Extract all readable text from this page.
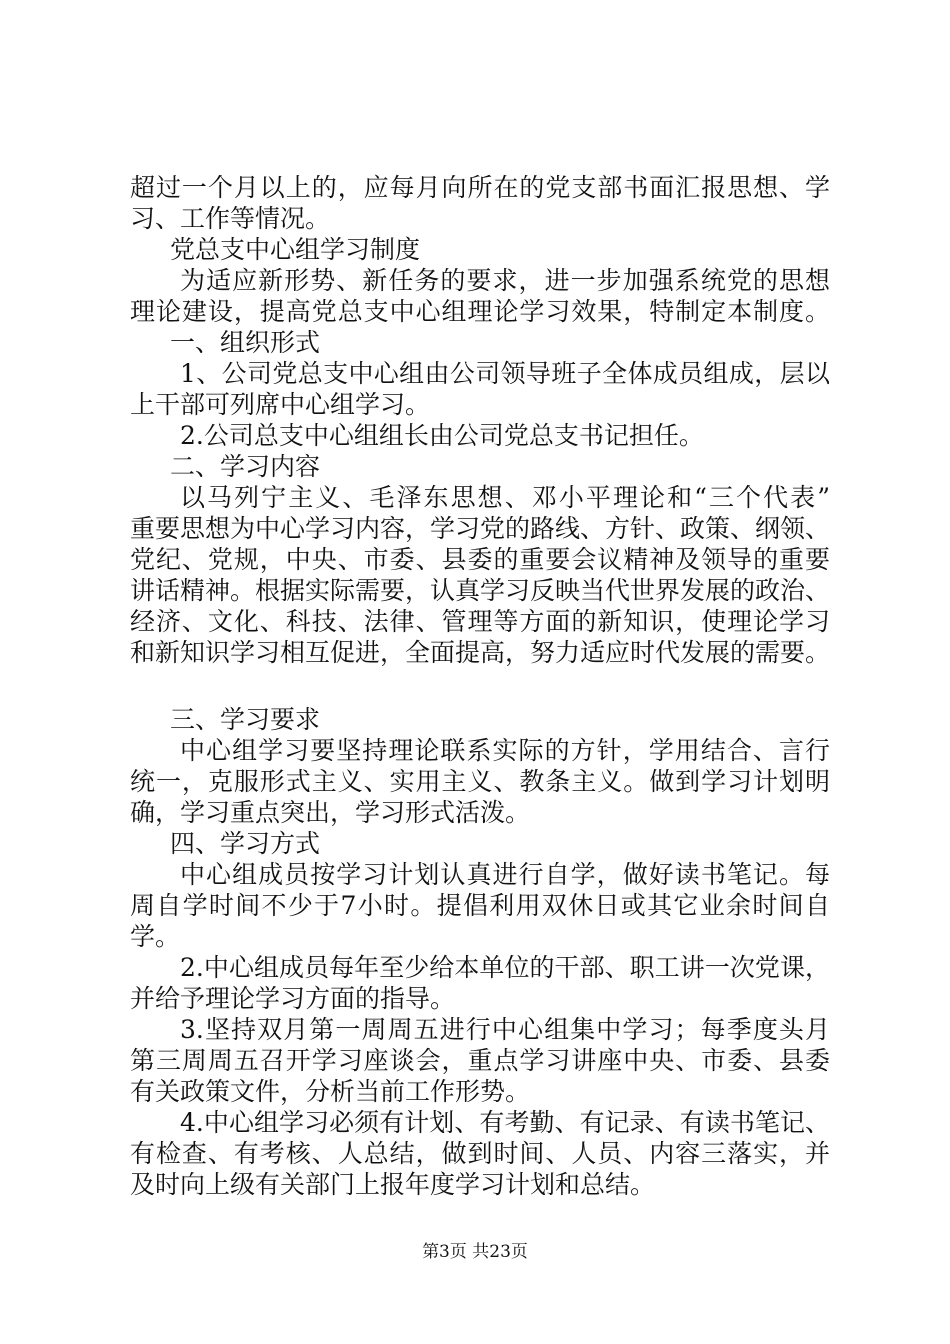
超过一个月以上的，应每月向所在的党支部书面汇报思想、学
习、工作等情况。
党总支中心组学习制度
为适应新形势、新任务的要求，进一步加强系统党的思想
理论建设，提高党总支中心组理论学习效果，特制定本制度。
一、组织形式
1、公司党总支中心组由公司领导班子全体成员组成，层以
上干部可列席中心组学习。
2.公司总支中心组组长由公司党总支书记担任。
二、学习内容
以马列宁主义、毛泽东思想、邓小平理论和“三个代表”
重要思想为中心学习内容，学习党的路线、方针、政策、纲领、
党纪、党规，中央、市委、县委的重要会议精神及领导的重要
讲话精神。根据实际需要，认真学习反映当代世界发展的政治、
经济、文化、科技、法律、管理等方面的新知识，使理论学习
和新知识学习相互促进，全面提高，努力适应时代发展的需要。
三、学习要求
中心组学习要坚持理论联系实际的方针，学用结合、言行
统一，克服形式主义、实用主义、教条主义。做到学习计划明
确，学习重点突出，学习形式活泼。
四、学习方式
中心组成员按学习计划认真进行自学，做好读书笔记。每
周自学时间不少于7小时。提倡利用双休日或其它业余时间自
学。
2.中心组成员每年至少给本单位的干部、职工讲一次党课，
并给予理论学习方面的指导。
3.坚持双月第一周周五进行中心组集中学习；每季度头月
第三周周五召开学习座谈会，重点学习讲座中央、市委、县委
有关政策文件，分析当前工作形势。
4.中心组学习必须有计划、有考勤、有记录、有读书笔记、
有检查、有考核、人总结，做到时间、人员、内容三落实，并
及时向上级有关部门上报年度学习计划和总结。
第3页 共23页
